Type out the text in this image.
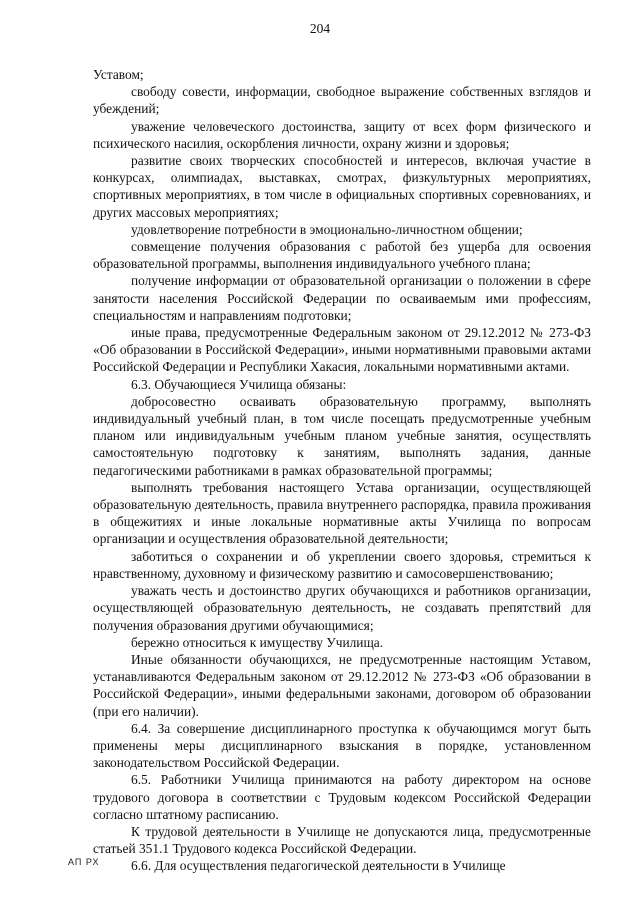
204

Уставом;

свободу совести, информации, свободное выражение собственных взглядов и убеждений;

уважение человеческого достоинства, защиту от всех форм физического и психического насилия, оскорбления личности, охрану жизни и здоровья;

развитие своих творческих способностей и интересов, включая участие в конкурсах, олимпиадах, выставках, смотрах, физкультурных мероприятиях, спортивных мероприятиях, в том числе в официальных спортивных соревнованиях, и других массовых мероприятиях;

удовлетворение потребности в эмоционально-личностном общении;

совмещение получения образования с работой без ущерба для освоения образовательной программы, выполнения индивидуального учебного плана;

получение информации от образовательной организации о положении в сфере занятости населения Российской Федерации по осваиваемым ими профессиям, специальностям и направлениям подготовки;

иные права, предусмотренные Федеральным законом от 29.12.2012 № 273-ФЗ «Об образовании в Российской Федерации», иными нормативными правовыми актами Российской Федерации и Республики Хакасия, локальными нормативными актами.

6.3. Обучающиеся Училища обязаны:

добросовестно осваивать образовательную программу, выполнять индивидуальный учебный план, в том числе посещать предусмотренные учебным планом или индивидуальным учебным планом учебные занятия, осуществлять самостоятельную подготовку к занятиям, выполнять задания, данные педагогическими работниками в рамках образовательной программы;

выполнять требования настоящего Устава организации, осуществляющей образовательную деятельность, правила внутреннего распорядка, правила проживания в общежитиях и иные локальные нормативные акты Училища по вопросам организации и осуществления образовательной деятельности;

заботиться о сохранении и об укреплении своего здоровья, стремиться к нравственному, духовному и физическому развитию и самосовершенствованию;

уважать честь и достоинство других обучающихся и работников организации, осуществляющей образовательную деятельность, не создавать препятствий для получения образования другими обучающимися;

бережно относиться к имуществу Училища.

Иные обязанности обучающихся, не предусмотренные настоящим Уставом, устанавливаются Федеральным законом от 29.12.2012 № 273-ФЗ «Об образовании в Российской Федерации», иными федеральными законами, договором об образовании (при его наличии).

6.4. За совершение дисциплинарного проступка к обучающимся могут быть применены меры дисциплинарного взыскания в порядке, установленном законодательством Российской Федерации.

6.5. Работники Училища принимаются на работу директором на основе трудового договора в соответствии с Трудовым кодексом Российской Федерации согласно штатному расписанию.

К трудовой деятельности в Училище не допускаются лица, предусмотренные статьей 351.1 Трудового кодекса Российской Федерации.

6.6. Для осуществления педагогической деятельности в Училище

АП РХ
